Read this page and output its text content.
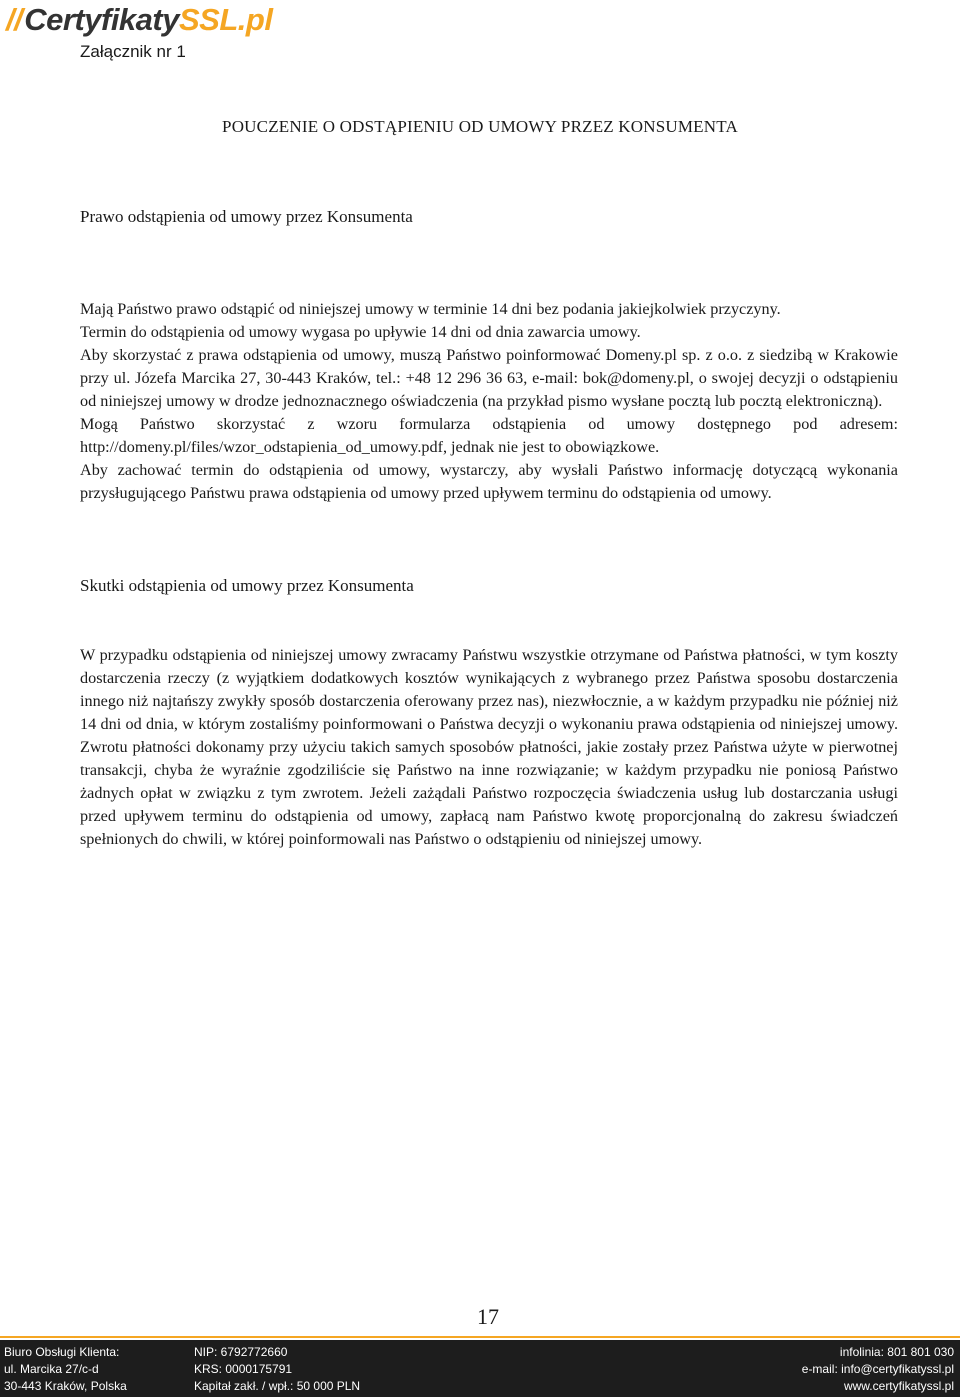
// Certyfikaty SSL.pl
Załącznik nr 1
POUCZENIE O ODSTĄPIENIU OD UMOWY PRZEZ KONSUMENTA
Prawo odstąpienia od umowy przez Konsumenta

Mają Państwo prawo odstąpić od niniejszej umowy w terminie 14 dni bez podania jakiejkolwiek przyczyny.

Termin do odstąpienia od umowy wygasa po upływie 14 dni od dnia zawarcia umowy.

Aby skorzystać z prawa odstąpienia od umowy, muszą Państwo poinformować Domeny.pl sp. z o.o. z siedzibą w Krakowie przy ul. Józefa Marcika 27, 30-443 Kraków, tel.: +48 12 296 36 63, e-mail: bok@domeny.pl, o swojej decyzji o odstąpieniu od niniejszej umowy w drodze jednoznacznego oświadczenia (na przykład pismo wysłane pocztą lub pocztą elektroniczną).

Mogą Państwo skorzystać z wzoru formularza odstąpienia od umowy dostępnego pod adresem: http://domeny.pl/files/wzor_odstapienia_od_umowy.pdf, jednak nie jest to obowiązkowe.

Aby zachować termin do odstąpienia od umowy, wystarczy, aby wysłali Państwo informację dotyczącą wykonania przysługującego Państwu prawa odstąpienia od umowy przed upływem terminu do odstąpienia od umowy.

Skutki odstąpienia od umowy przez Konsumenta

W przypadku odstąpienia od niniejszej umowy zwracamy Państwu wszystkie otrzymane od Państwa płatności, w tym koszty dostarczenia rzeczy (z wyjątkiem dodatkowych kosztów wynikających z wybranego przez Państwa sposobu dostarczenia innego niż najtańszy zwykły sposób dostarczenia oferowany przez nas), niezwłocznie, a w każdym przypadku nie później niż 14 dni od dnia, w którym zostaliśmy poinformowani o Państwa decyzji o wykonaniu prawa odstąpienia od niniejszej umowy. Zwrotu płatności dokonamy przy użyciu takich samych sposobów płatności, jakie zostały przez Państwa użyte w pierwotnej transakcji, chyba że wyraźnie zgodziliście się Państwo na inne rozwiązanie; w każdym przypadku nie poniosą Państwo żadnych opłat w związku z tym zwrotem. Jeżeli zażądali Państwo rozpoczęcia świadczenia usług lub dostarczania usługi przed upływem terminu do odstąpienia od umowy, zapłacą nam Państwo kwotę proporcjonalną do zakresu świadczeń spełnionych do chwili, w której poinformowali nas Państwo o odstąpieniu od niniejszej umowy.

17
Biuro Obsługi Klienta:
ul. Marcika 27/c-d
30-443 Kraków, Polska
NIP: 6792772660
KRS: 0000175791
Kapitał zakł. / wpł.: 50 000 PLN
infolinia: 801 801 030
e-mail: info@certyfikatyssl.pl
www.certyfikatyssl.pl
